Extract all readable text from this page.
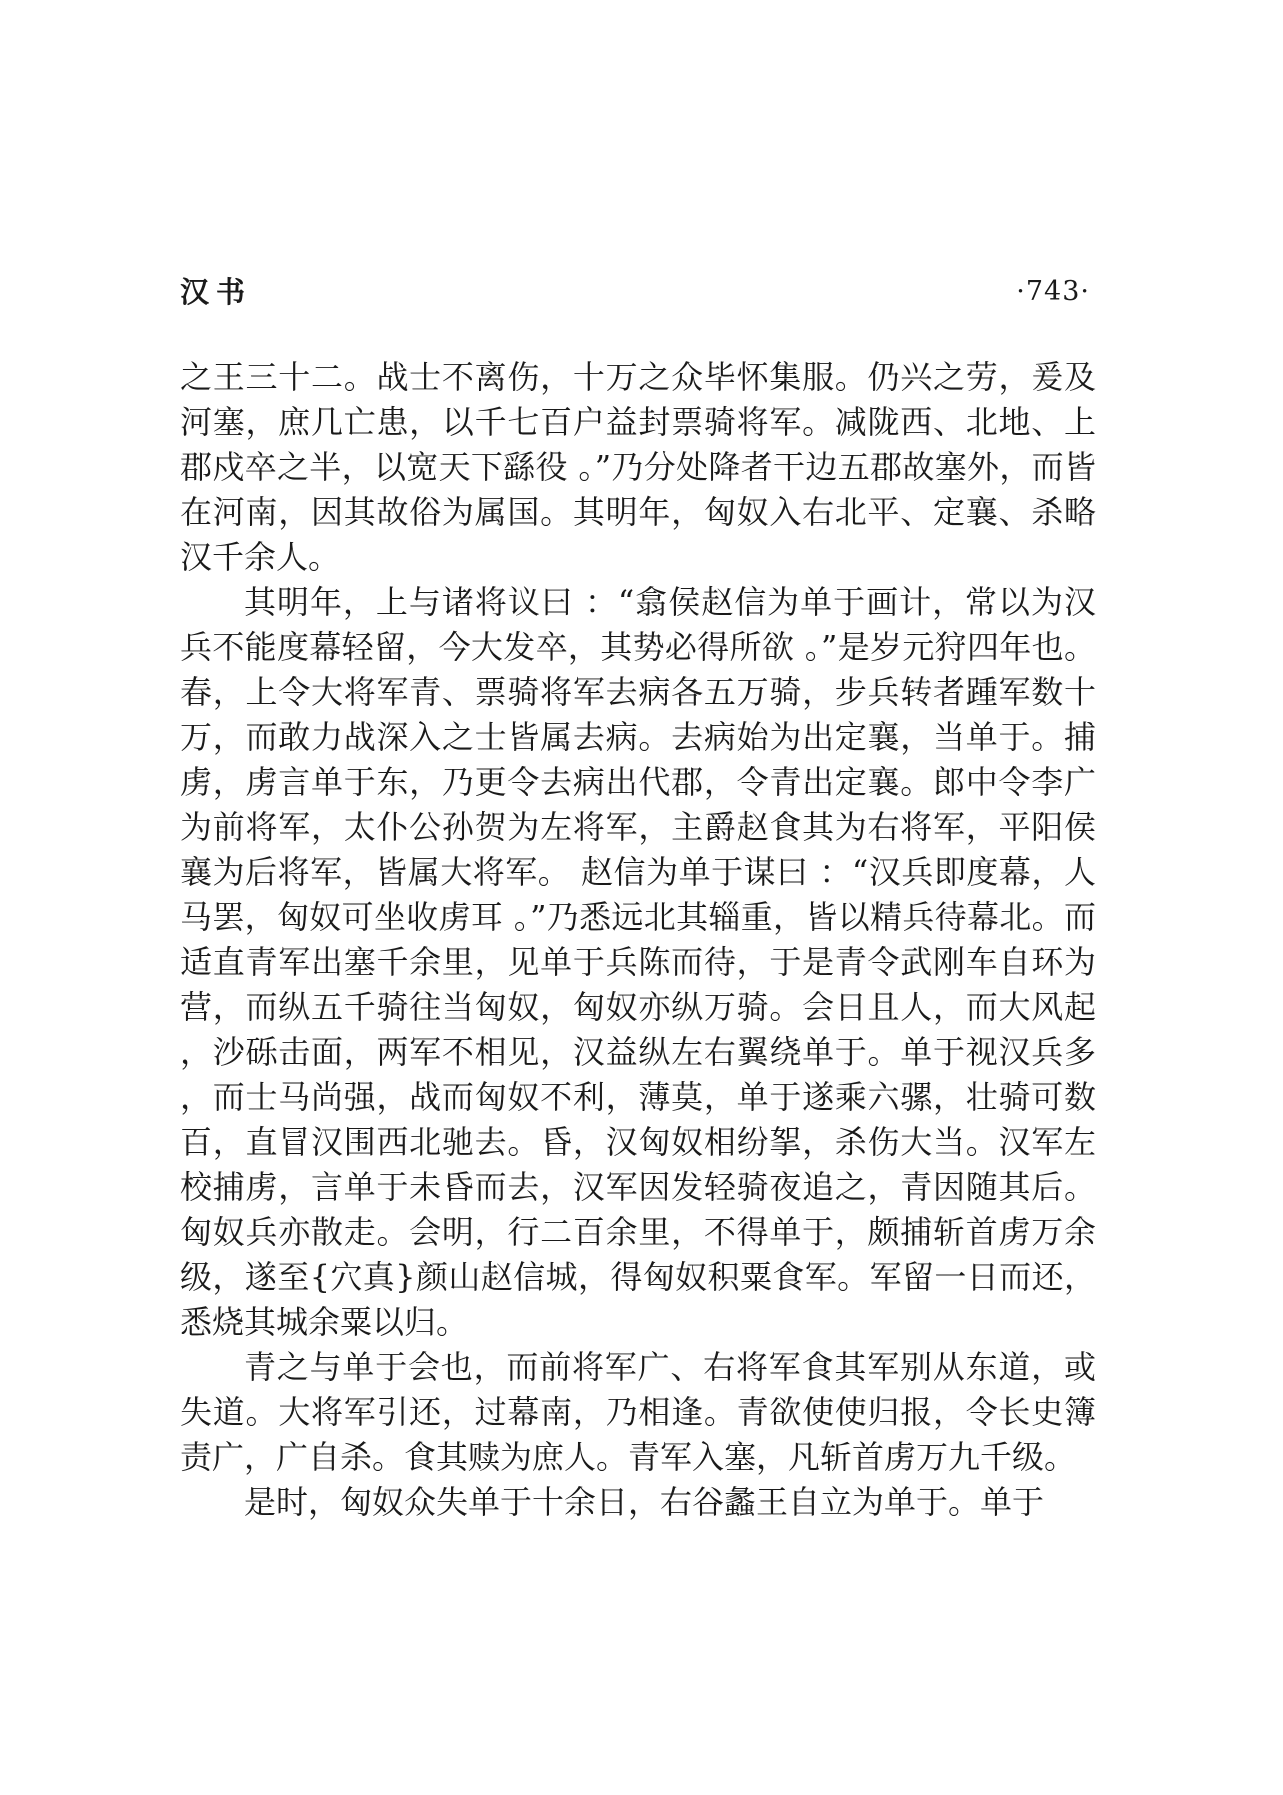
汉书	·743·

之王三十二。战士不离伤，十万之众毕怀集服。仍兴之劳，爰及河塞，庶几亡患，以千七百户益封票骑将军。减陇西、北地、上郡戍卒之半，以宽天下繇役 。”乃分处降者干边五郡故塞外，而皆在河南，因其故俗为属国。其明年，匈奴入右北平、定襄、杀略汉千余人。

其明年，上与诸将议曰 ：“翕侯赵信为单于画计，常以为汉兵不能度幕轻留，今大发卒，其势必得所欲 。”是岁元狩四年也。春，上令大将军青、票骑将军去病各五万骑，步兵转者踵军数十万，而敢力战深入之士皆属去病。去病始为出定襄，当单于。捕虏，虏言单于东，乃更令去病出代郡，令青出定襄。郎中令李广为前将军，太仆公孙贺为左将军，主爵赵食其为右将军，平阳侯襄为后将军，皆属大将军。 赵信为单于谋曰 ：“汉兵即度幕，人马罢，匈奴可坐收虏耳 。”乃悉远北其辎重，皆以精兵待幕北。而适直青军出塞千余里，见单于兵陈而待，于是青令武刚车自环为营，而纵五千骑往当匈奴，匈奴亦纵万骑。会日且人，而大风起，沙砾击面，两军不相见，汉益纵左右翼绕单于。单于视汉兵多，而士马尚强，战而匈奴不利，薄莫，单于遂乘六骡，壮骑可数百，直冒汉围西北驰去。昏，汉匈奴相纷挐，杀伤大当。汉军左校捕虏，言单于未昏而去，汉军因发轻骑夜追之，青因随其后。匈奴兵亦散走。会明，行二百余里，不得单于，颇捕斩首虏万余级，遂至{穴真}颜山赵信城，得匈奴积粟食军。军留一日而还，悉烧其城余粟以归。

青之与单于会也，而前将军广、右将军食其军别从东道，或失道。大将军引还，过幕南，乃相逢。青欲使使归报，令长史簿责广，广自杀。食其赎为庶人。青军入塞，凡斩首虏万九千级。

是时，匈奴众失单于十余日，右谷蠡王自立为单于。单于
